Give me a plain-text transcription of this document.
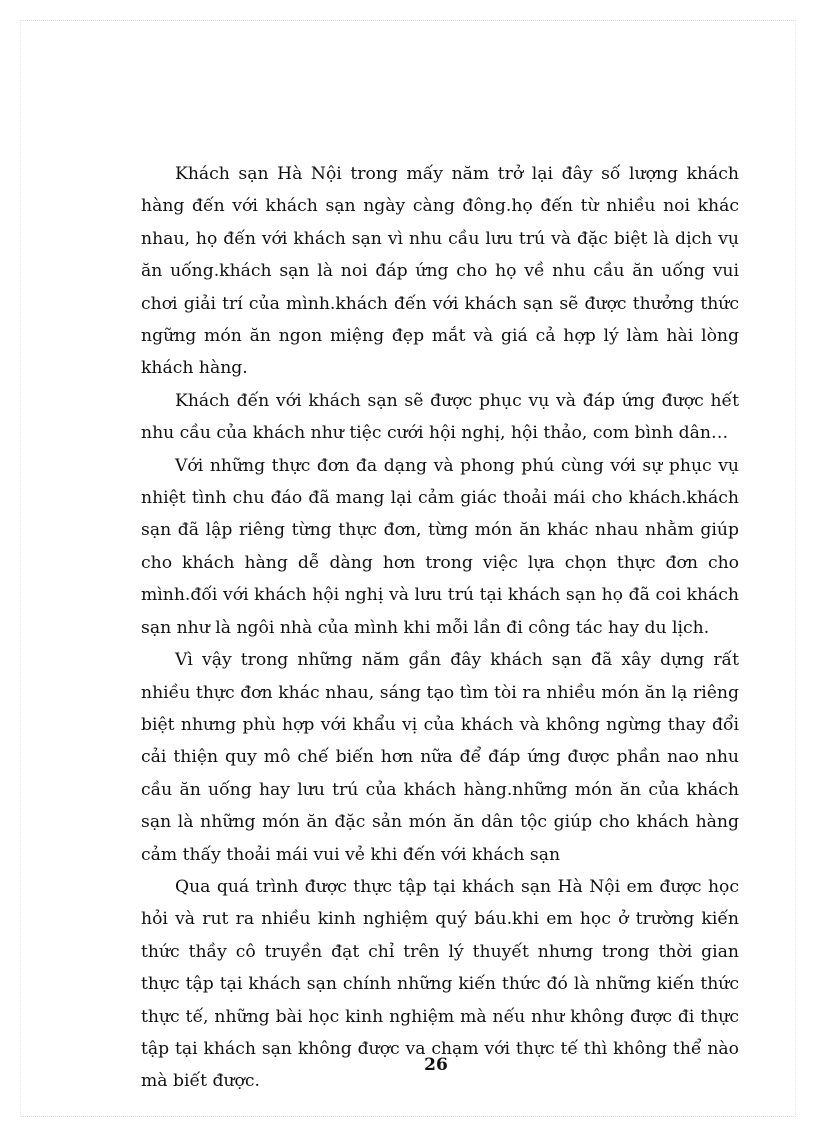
Khách sạn Hà Nội trong mấy năm trở lại đây số lượng khách hàng đến với khách sạn ngày càng đông.họ đến từ nhiều noi khác nhau, họ đến với khách sạn vì nhu cầu lưu trú và đặc biệt là dịch vụ ăn uống.khách sạn là noi đáp ứng cho họ về nhu cầu ăn uống vui chơi giải trí của mình.khách đến với khách sạn sẽ được thưởng thức ngững món ăn ngon miệng đẹp mắt và giá cả hợp lý làm hài lòng khách hàng.

Khách đến với khách sạn sẽ được phục vụ và đáp ứng được hết nhu cầu của khách như tiệc cưới hội nghị, hội thảo, com bình dân…

Với những thực đơn đa dạng và phong phú cùng với sự phục vụ nhiệt tình chu đáo đã mang lại cảm giác thoải mái cho khách.khách sạn đã lập riêng từng thực đơn, từng món ăn khác nhau nhằm giúp cho khách hàng dễ dàng hơn trong việc lựa chọn thực đơn cho mình.đối với khách hội nghị và lưu trú tại khách sạn họ đã coi khách sạn như là ngôi nhà của mình khi mỗi lần đi công tác hay du lịch.

Vì vậy trong những năm gần đây khách sạn đã xây dựng rất nhiều thực đơn khác nhau, sáng tạo tìm tòi ra nhiều món ăn lạ riêng biệt nhưng phù hợp với khẩu vị của khách và không ngừng thay đổi cải thiện quy mô chế biến hơn nữa để đáp ứng được phần nao nhu cầu ăn uống hay lưu trú của khách hàng.những món ăn của khách sạn là những món ăn đặc sản món ăn dân tộc giúp cho khách hàng cảm thấy thoải mái vui vẻ khi đến với khách sạn

Qua quá trình được thực tập tại khách sạn Hà Nội em được học hỏi và rut ra nhiều kinh nghiệm quý báu.khi em học ở trường kiến thức thầy cô truyền đạt chỉ trên lý thuyết nhưng trong thời gian thực tập tại khách sạn chính những kiến thức đó là những kiến thức thực tế, những bài học kinh nghiệm mà nếu như không được đi thực tập tại khách sạn không được va chạm với thực tế thì không thể nào mà biết được.

26
